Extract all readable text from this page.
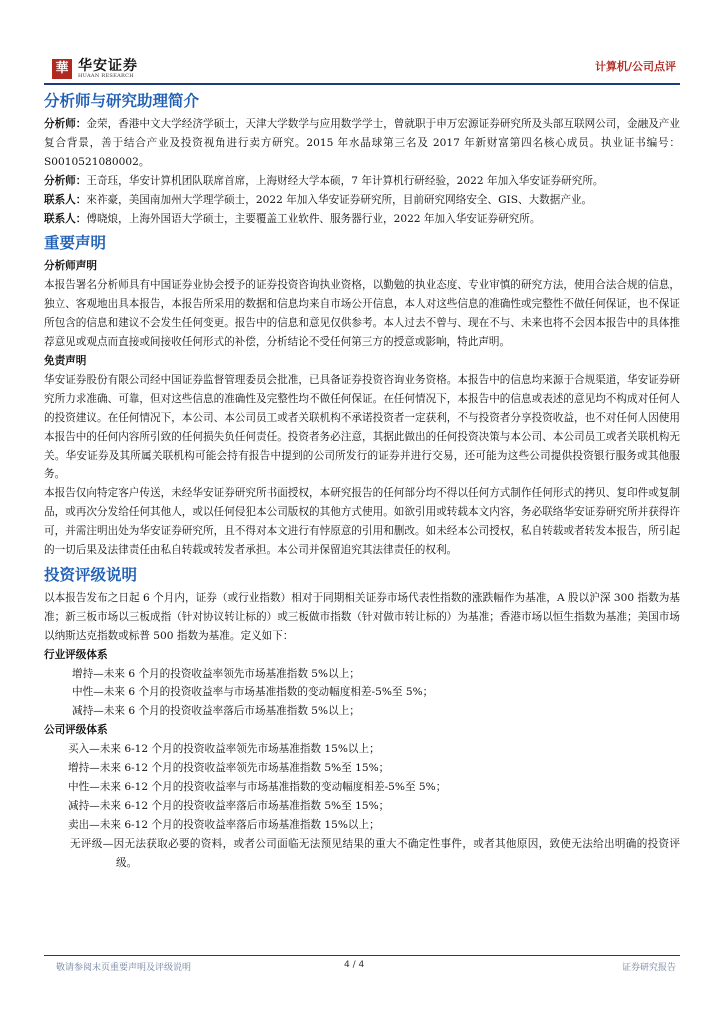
華 华安证券
HUAAN RESEARCH
计算机/公司点评
分析师与研究助理简介

分析师：金荣，香港中文大学经济学硕士，天津大学数学与应用数学学士，曾就职于申万宏源证券研究所及头部互联网公司，金融及产业复合背景，善于结合产业及投资视角进行卖方研究。2015 年水晶球第三名及 2017 年新财富第四名核心成员。执业证书编号：S0010521080002。

分析师：王奇珏，华安计算机团队联席首席，上海财经大学本硕，7 年计算机行研经验，2022 年加入华安证券研究所。

联系人：來祚豪，美国南加州大学理学硕士，2022 年加入华安证券研究所，目前研究网络安全、GIS、大数据产业。

联系人：傅晓烺，上海外国语大学硕士，主要覆盖工业软件、服务器行业，2022 年加入华安证券研究所。

重要声明
分析师声明

本报告署名分析师具有中国证券业协会授予的证券投资咨询执业资格，以勤勉的执业态度、专业审慎的研究方法，使用合法合规的信息，独立、客观地出具本报告，本报告所采用的数据和信息均来自市场公开信息，本人对这些信息的准确性或完整性不做任何保证，也不保证所包含的信息和建议不会发生任何变更。报告中的信息和意见仅供参考。本人过去不曾与、现在不与、未来也将不会因本报告中的具体推荐意见或观点而直接或间接收任何形式的补偿，分析结论不受任何第三方的授意或影响，特此声明。

免责声明

华安证券股份有限公司经中国证券监督管理委员会批准，已具备证券投资咨询业务资格。本报告中的信息均来源于合规渠道，华安证券研究所力求准确、可靠，但对这些信息的准确性及完整性均不做任何保证。在任何情况下，本报告中的信息或表述的意见均不构成对任何人的投资建议。在任何情况下，本公司、本公司员工或者关联机构不承诺投资者一定获利，不与投资者分享投资收益，也不对任何人因使用本报告中的任何内容所引致的任何损失负任何责任。投资者务必注意，其据此做出的任何投资决策与本公司、本公司员工或者关联机构无关。华安证券及其所属关联机构可能会持有报告中提到的公司所发行的证券并进行交易，还可能为这些公司提供投资银行服务或其他服务。

本报告仅向特定客户传送，未经华安证券研究所书面授权，本研究报告的任何部分均不得以任何方式制作任何形式的拷贝、复印件或复制品，或再次分发给任何其他人，或以任何侵犯本公司版权的其他方式使用。如欲引用或转载本文内容，务必联络华安证券研究所并获得许可，并需注明出处为华安证券研究所，且不得对本文进行有悖原意的引用和删改。如未经本公司授权，私自转载或者转发本报告，所引起的一切后果及法律责任由私自转载或转发者承担。本公司并保留追究其法律责任的权利。

投资评级说明

以本报告发布之日起 6 个月内，证券（或行业指数）相对于同期相关证券市场代表性指数的涨跌幅作为基准，A 股以沪深 300 指数为基准；新三板市场以三板成指（针对协议转让标的）或三板做市指数（针对做市转让标的）为基准；香港市场以恒生指数为基准；美国市场以纳斯达克指数或标普 500 指数为基准。定义如下：

行业评级体系
增持—未来 6 个月的投资收益率领先市场基准指数 5%以上；
中性—未来 6 个月的投资收益率与市场基准指数的变动幅度相差-5%至 5%；
减持—未来 6 个月的投资收益率落后市场基准指数 5%以上；
公司评级体系
买入—未来 6-12 个月的投资收益率领先市场基准指数 15%以上；
增持—未来 6-12 个月的投资收益率领先市场基准指数 5%至 15%；
中性—未来 6-12 个月的投资收益率与市场基准指数的变动幅度相差-5%至 5%；
减持—未来 6-12 个月的投资收益率落后市场基准指数 5%至 15%；
卖出—未来 6-12 个月的投资收益率落后市场基准指数 15%以上；
无评级—因无法获取必要的资料，或者公司面临无法预见结果的重大不确定性事件，或者其他原因，致使无法给出明确的投资评级。
敬请参阅末页重要声明及评级说明	4 / 4	证券研究报告
